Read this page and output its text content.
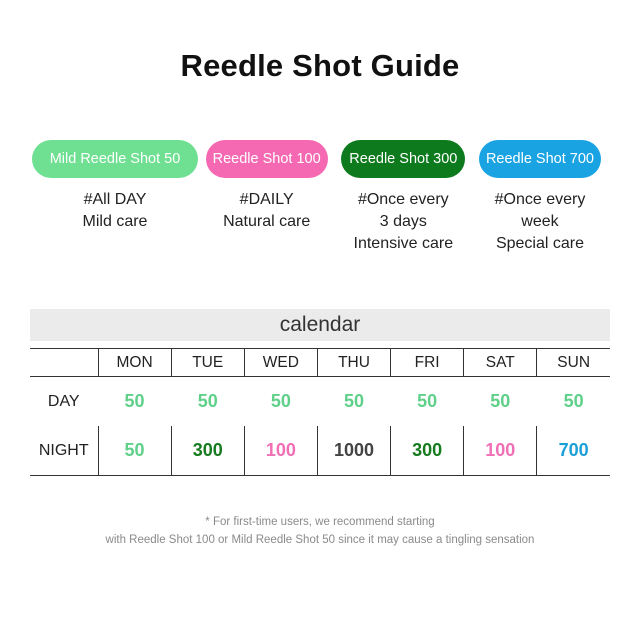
Reedle Shot Guide
Mild Reedle Shot 50
#All DAY
Mild care
Reedle Shot 100
#DAILY
Natural care
Reedle Shot 300
#Once every
3 days
Intensive care
Reedle Shot 700
#Once every
week
Special care
calendar
	MON	TUE	WED	THU	FRI	SAT	SUN
DAY	50	50	50	50	50	50	50
NIGHT	50	300	100	1000	300	100	700
* For first-time users, we recommend starting
with Reedle Shot 100 or Mild Reedle Shot 50 since it may cause a tingling sensation
